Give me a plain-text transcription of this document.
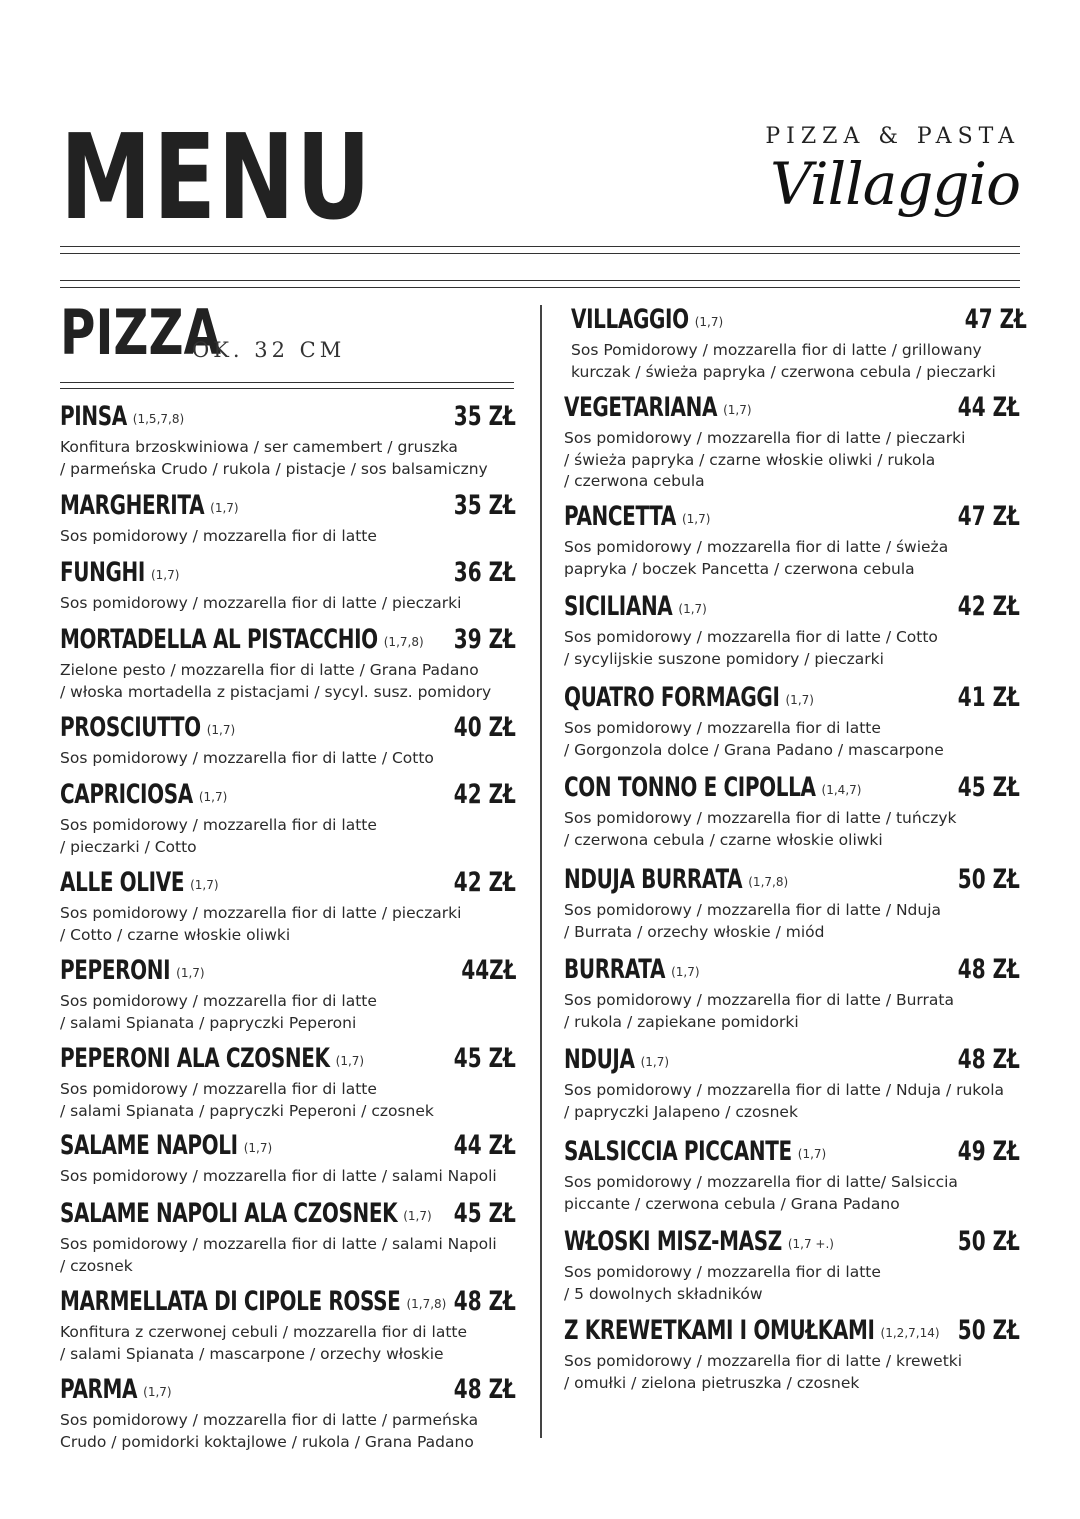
MENU	PIZZA & PASTA
Villaggio
PIZZA
OK. 32 CM
PINSA (1,5,7,8)	35 ZŁ
Konfitura brzoskwiniowa / ser camembert / gruszka
/ parmeńska Crudo / rukola / pistacje / sos balsamiczny
MARGHERITA (1,7)	35 ZŁ
Sos pomidorowy / mozzarella fior di latte
FUNGHI (1,7)	36 ZŁ
Sos pomidorowy / mozzarella fior di latte / pieczarki
MORTADELLA AL PISTACCHIO (1,7,8) 39 ZŁ
Zielone pesto / mozzarella fior di latte / Grana Padano
/ włoska mortadella z pistacjami / sycyl. susz. pomidory
PROSCIUTTO (1,7)	40 ZŁ
Sos pomidorowy / mozzarella fior di latte / Cotto
CAPRICIOSA (1,7)	42 ZŁ
Sos pomidorowy / mozzarella fior di latte
/ pieczarki / Cotto
ALLE OLIVE (1,7)	42 ZŁ
Sos pomidorowy / mozzarella fior di latte / pieczarki
/ Cotto / czarne włoskie oliwki
PEPERONI (1,7)	44ZŁ
Sos pomidorowy / mozzarella fior di latte
/ salami Spianata / papryczki Peperoni
PEPERONI ALA CZOSNEK (1,7)	45 ZŁ
Sos pomidorowy / mozzarella fior di latte
/ salami Spianata / papryczki Peperoni / czosnek
SALAME NAPOLI (1,7)	44 ZŁ
Sos pomidorowy / mozzarella fior di latte / salami Napoli
SALAME NAPOLI ALA CZOSNEK (1,7) 45 ZŁ
Sos pomidorowy / mozzarella fior di latte / salami Napoli
/ czosnek
MARMELLATA DI CIPOLE ROSSE (1,7,8) 48 ZŁ
Konfitura z czerwonej cebuli / mozzarella fior di latte
/ salami Spianata / mascarpone / orzechy włoskie
PARMA (1,7)	48 ZŁ
Sos pomidorowy / mozzarella fior di latte / parmeńska
Crudo / pomidorki koktajlowe / rukola / Grana Padano
VILLAGGIO (1,7)	47 ZŁ
Sos Pomidorowy / mozzarella fior di latte / grillowany
kurczak / świeża papryka / czerwona cebula / pieczarki
VEGETARIANA (1,7)	44 ZŁ
Sos pomidorowy / mozzarella fior di latte / pieczarki
/ świeża papryka / czarne włoskie oliwki / rukola
/ czerwona cebula
PANCETTA (1,7)	47 ZŁ
Sos pomidorowy / mozzarella fior di latte / świeża
papryka / boczek Pancetta / czerwona cebula
SICILIANA (1,7)	42 ZŁ
Sos pomidorowy / mozzarella fior di latte / Cotto
/ sycylijskie suszone pomidory / pieczarki
QUATRO FORMAGGI (1,7)	41 ZŁ
Sos pomidorowy / mozzarella fior di latte
/ Gorgonzola dolce / Grana Padano / mascarpone
CON TONNO E CIPOLLA (1,4,7)	45 ZŁ
Sos pomidorowy / mozzarella fior di latte / tuńczyk
/ czerwona cebula / czarne włoskie oliwki
NDUJA BURRATA (1,7,8)	50 ZŁ
Sos pomidorowy / mozzarella fior di latte / Nduja
/ Burrata / orzechy włoskie / miód
BURRATA (1,7)	48 ZŁ
Sos pomidorowy / mozzarella fior di latte / Burrata
/ rukola / zapiekane pomidorki
NDUJA (1,7)	48 ZŁ
Sos pomidorowy / mozzarella fior di latte / Nduja / rukola
/ papryczki Jalapeno / czosnek
SALSICCIA PICCANTE (1,7)	49 ZŁ
Sos pomidorowy / mozzarella fior di latte/ Salsiccia
piccante / czerwona cebula / Grana Padano
WŁOSKI MISZ-MASZ (1,7 +.)	50 ZŁ
Sos pomidorowy / mozzarella fior di latte
/ 5 dowolnych składników
Z KREWETKAMI I OMUŁKAMI (1,2,7,14) 50 ZŁ
Sos pomidorowy / mozzarella fior di latte / krewetki
/ omułki / zielona pietruszka / czosnek
